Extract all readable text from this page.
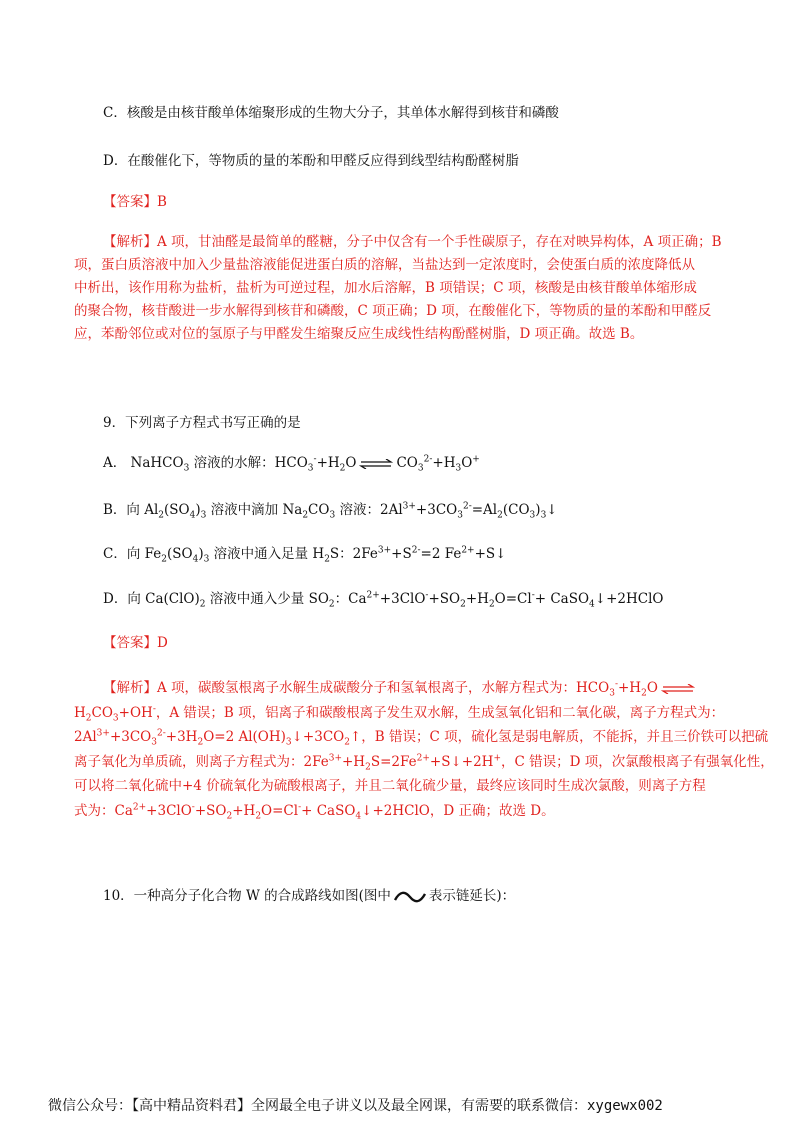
C．核酸是由核苷酸单体缩聚形成的生物大分子，其单体水解得到核苷和磷酸
D．在酸催化下，等物质的量的苯酚和甲醛反应得到线型结构酚醛树脂
【答案】B
【解析】A 项，甘油醛是最简单的醛糖，分子中仅含有一个手性碳原子，存在对映异构体，A 项正确；B
项，蛋白质溶液中加入少量盐溶液能促进蛋白质的溶解，当盐达到一定浓度时，会使蛋白质的浓度降低从
中析出，该作用称为盐析，盐析为可逆过程，加水后溶解，B 项错误；C 项，核酸是由核苷酸单体缩形成
的聚合物，核苷酸进一步水解得到核苷和磷酸，C 项正确；D 项，在酸催化下，等物质的量的苯酚和甲醛反
应，苯酚邻位或对位的氢原子与甲醛发生缩聚反应生成线性结构酚醛树脂，D 项正确。故选 B。
9．下列离子方程式书写正确的是
A． NaHCO$_3$ 溶液的水解：$HCO_3^-+H_2O$ ⇌ $CO_3^{2-}+H_3O^+$
B．向 $Al_2(SO_4)_3$ 溶液中滴加 $Na_2CO_3$ 溶液：$2Al^{3+}+3CO_3^{2-}=Al_2(CO_3)_3↓$
C．向 $Fe_2(SO_4)_3$ 溶液中通入足量 $H_2S$：$2Fe^{3+}+S^{2-}=2$ $Fe^{2+}+S↓$
D．向 $Ca(ClO)_2$ 溶液中通入少量 $SO_2$：$Ca^{2+}+3ClO^-+SO_2+H_2O=Cl^-+$ CaSO$_4$↓+2HClO
【答案】D
【解析】A 项，碳酸氢根离子水解生成碳酸分子和氢氧根离子，水解方程式为：$HCO_3^-+H_2O$ ⇌
$H_2CO_3+OH^-$，A 错误；B 项，铝离子和碳酸根离子发生双水解，生成氢氧化铝和二氧化碳，离子方程式为：
$2Al^{3+}+3CO_3^{2-}+3H_2O=2$ $Al(OH)_3↓+3CO_2↑$，B 错误；C 项，硫化氢是弱电解质，不能拆，并且三价铁可以把硫
离子氧化为单质硫，则离子方程式为：$2Fe^{3+}+H_2S=2Fe^{2+}+S↓+2H^+$，C 错误；D 项，次氯酸根离子有强氧化性，
可以将二氧化硫中+4 价硫氧化为硫酸根离子，并且二氧化硫少量，最终应该同时生成次氯酸，则离子方程
式为：$Ca^{2+}+3ClO^-+SO_2+H_2O=Cl^-+$ CaSO$_4$↓+2HClO，D 正确；故选 D。
10．一种高分子化合物 W 的合成路线如图(图中	表示链延长)：
微信公众号：【高中精品资料君】全网最全电子讲义以及最全网课，有需要的联系微信：xygewx002
